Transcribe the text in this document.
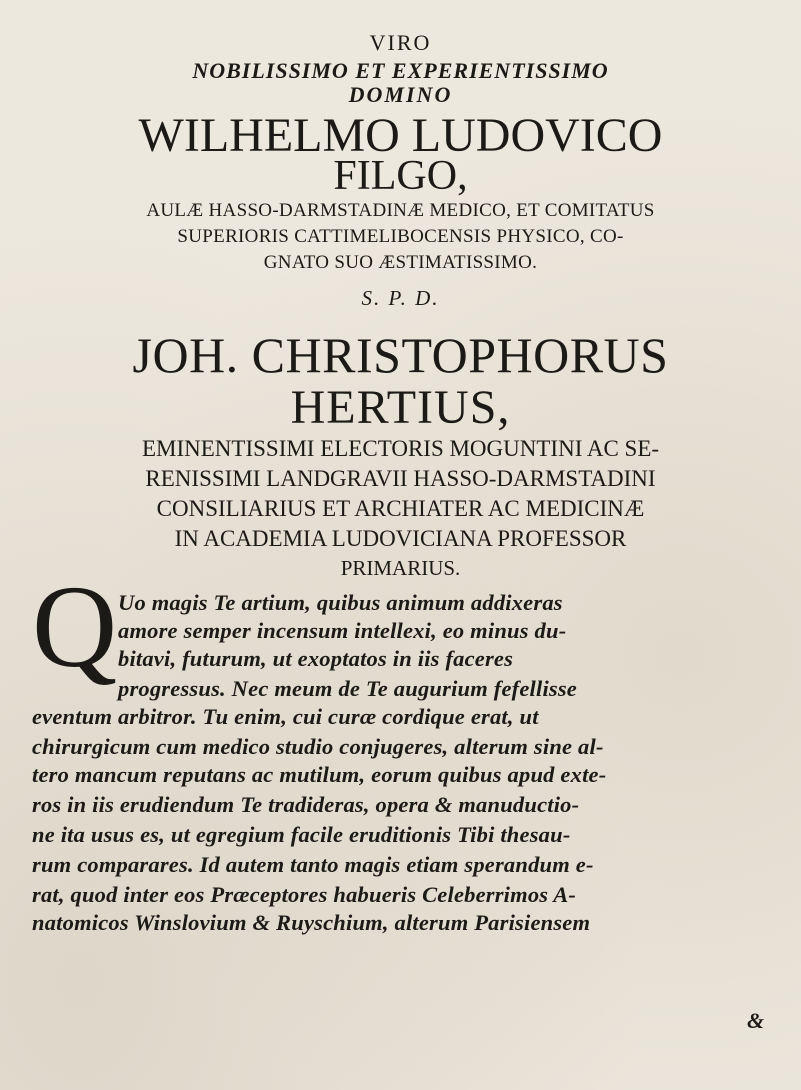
VIRO
NOBILISSIMO ET EXPERIENTISSIMO
DOMINO
WILHELMO LUDOVICO
FILGO,
AULÆ HASSO-DARMSTADINÆ MEDICO, ET COMITATUS
SUPERIORIS CATTIMELIBOCENSIS PHYSICO, CO-
GNATO SUO ÆSTIMATISSIMO.
S. P. D.
JOH. CHRISTOPHORUS
HERTIUS,
EMINENTISSIMI ELECTORIS MOGUNTINI AC SE-
RENISSIMI LANDGRAVII HASSO-DARMSTADINI
CONSILIARIUS ET ARCHIATER AC MEDICINÆ
IN ACADEMIA LUDOVICIANA PROFESSOR
PRIMARIUS.
Q Uo magis Te artium, quibus animum addixeras
amore semper incensum intellexi, eo minus du-
bitavi, futurum, ut exoptatos in iis faceres
progressus. Nec meum de Te augurium fefellisse
eventum arbitror. Tu enim, cui curæ cordique erat, ut
chirurgicum cum medico studio conjugeres, alterum sine al-
tero mancum reputans ac mutilum, eorum quibus apud exte-
ros in iis erudiendum Te tradideras, opera & manuductio-
ne ita usus es, ut egregium facile eruditionis Tibi thesau-
rum comparares. Id autem tanto magis etiam sperandum e-
rat, quod inter eos Præceptores habueris Celeberrimos A-
natomicos Winslovium & Ruyschium, alterum Parisiensem
&
